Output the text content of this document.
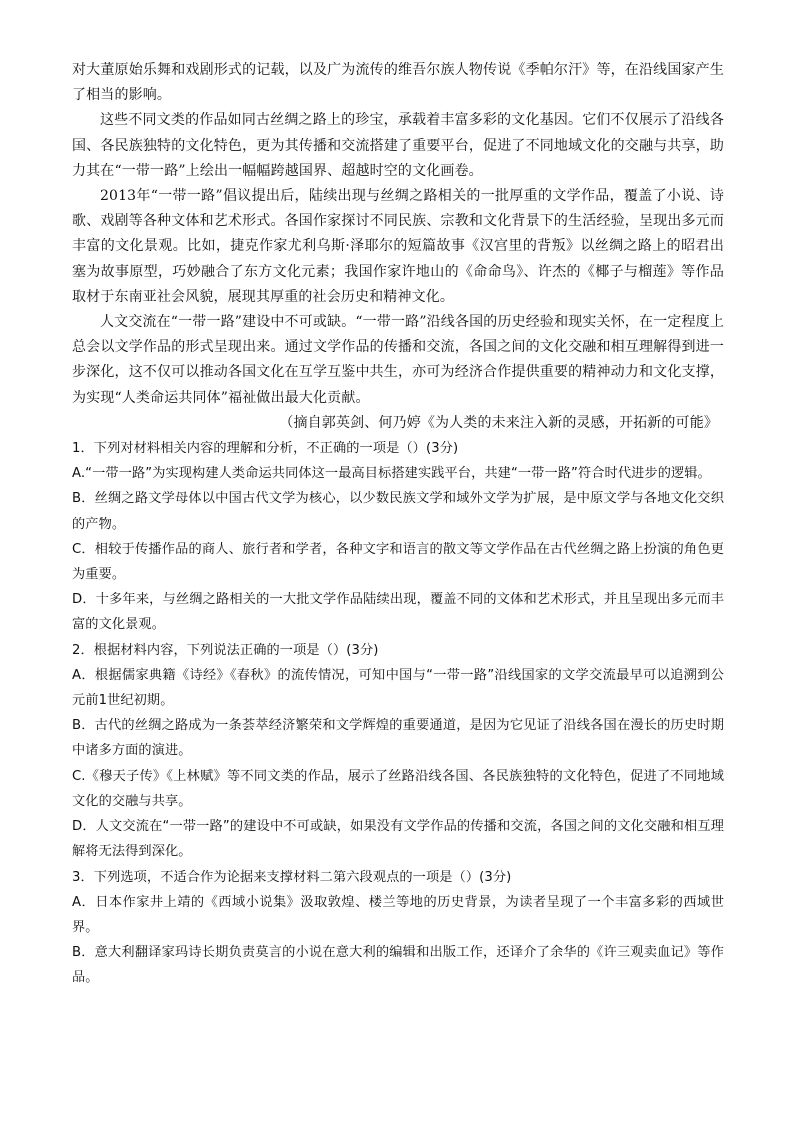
对大董原始乐舞和戏剧形式的记载，以及广为流传的维吾尔族人物传说《季帕尔汗》等，在沿线国家产生了相当的影响。

这些不同文类的作品如同古丝绸之路上的珍宝，承载着丰富多彩的文化基因。它们不仅展示了沿线各国、各民族独特的文化特色，更为其传播和交流搭建了重要平台，促进了不同地域文化的交融与共享，助力其在“一带一路”上绘出一幅幅跨越国界、超越时空的文化画卷。

2013年“一带一路”倡议提出后，陆续出现与丝绸之路相关的一批厚重的文学作品，覆盖了小说、诗歌、戏剧等各种文体和艺术形式。各国作家探讨不同民族、宗教和文化背景下的生活经验，呈现出多元而丰富的文化景观。比如，捷克作家尤利乌斯·泽耶尔的短篇故事《汉宫里的背叛》以丝绸之路上的昭君出塞为故事原型，巧妙融合了东方文化元素；我国作家许地山的《命命鸟》、许杰的《椰子与榴莲》等作品取材于东南亚社会风貌，展现其厚重的社会历史和精神文化。

人文交流在“一带一路”建设中不可或缺。“一带一路”沿线各国的历史经验和现实关怀，在一定程度上总会以文学作品的形式呈现出来。通过文学作品的传播和交流，各国之间的文化交融和相互理解得到进一步深化，这不仅可以推动各国文化在互学互鉴中共生，亦可为经济合作提供重要的精神动力和文化支撑，为实现“人类命运共同体”福祉做出最大化贡献。

（摘自郭英剑、何乃婷《为人类的未来注入新的灵感，开拓新的可能》

1．下列对材料相关内容的理解和分析，不正确的一项是（）(3分)

A.“一带一路”为实现构建人类命运共同体这一最高目标搭建实践平台，共建“一带一路”符合时代进步的逻辑。

B．丝绸之路文学母体以中国古代文学为核心，以少数民族文学和域外文学为扩展，是中原文学与各地文化交织的产物。

C．相较于传播作品的商人、旅行者和学者，各种文字和语言的散文等文学作品在古代丝绸之路上扮演的角色更为重要。

D．十多年来，与丝绸之路相关的一大批文学作品陆续出现，覆盖不同的文体和艺术形式，并且呈现出多元而丰富的文化景观。

2．根据材料内容，下列说法正确的一项是（）(3分)

A．根据儒家典籍《诗经》《春秋》的流传情况，可知中国与“一带一路”沿线国家的文学交流最早可以追溯到公元前1世纪初期。

B．古代的丝绸之路成为一条荟萃经济繁荣和文学辉煌的重要通道，是因为它见证了沿线各国在漫长的历史时期中诸多方面的演进。

C.《穆天子传》《上林赋》等不同文类的作品，展示了丝路沿线各国、各民族独特的文化特色，促进了不同地域文化的交融与共享。

D．人文交流在“一带一路”的建设中不可或缺，如果没有文学作品的传播和交流，各国之间的文化交融和相互理解将无法得到深化。

3．下列选项，不适合作为论据来支撑材料二第六段观点的一项是（）(3分)

A．日本作家井上靖的《西域小说集》汲取敦煌、楼兰等地的历史背景，为读者呈现了一个丰富多彩的西域世界。

B．意大利翻译家玛诗长期负责莫言的小说在意大利的编辑和出版工作，还译介了余华的《许三观卖血记》等作品。
